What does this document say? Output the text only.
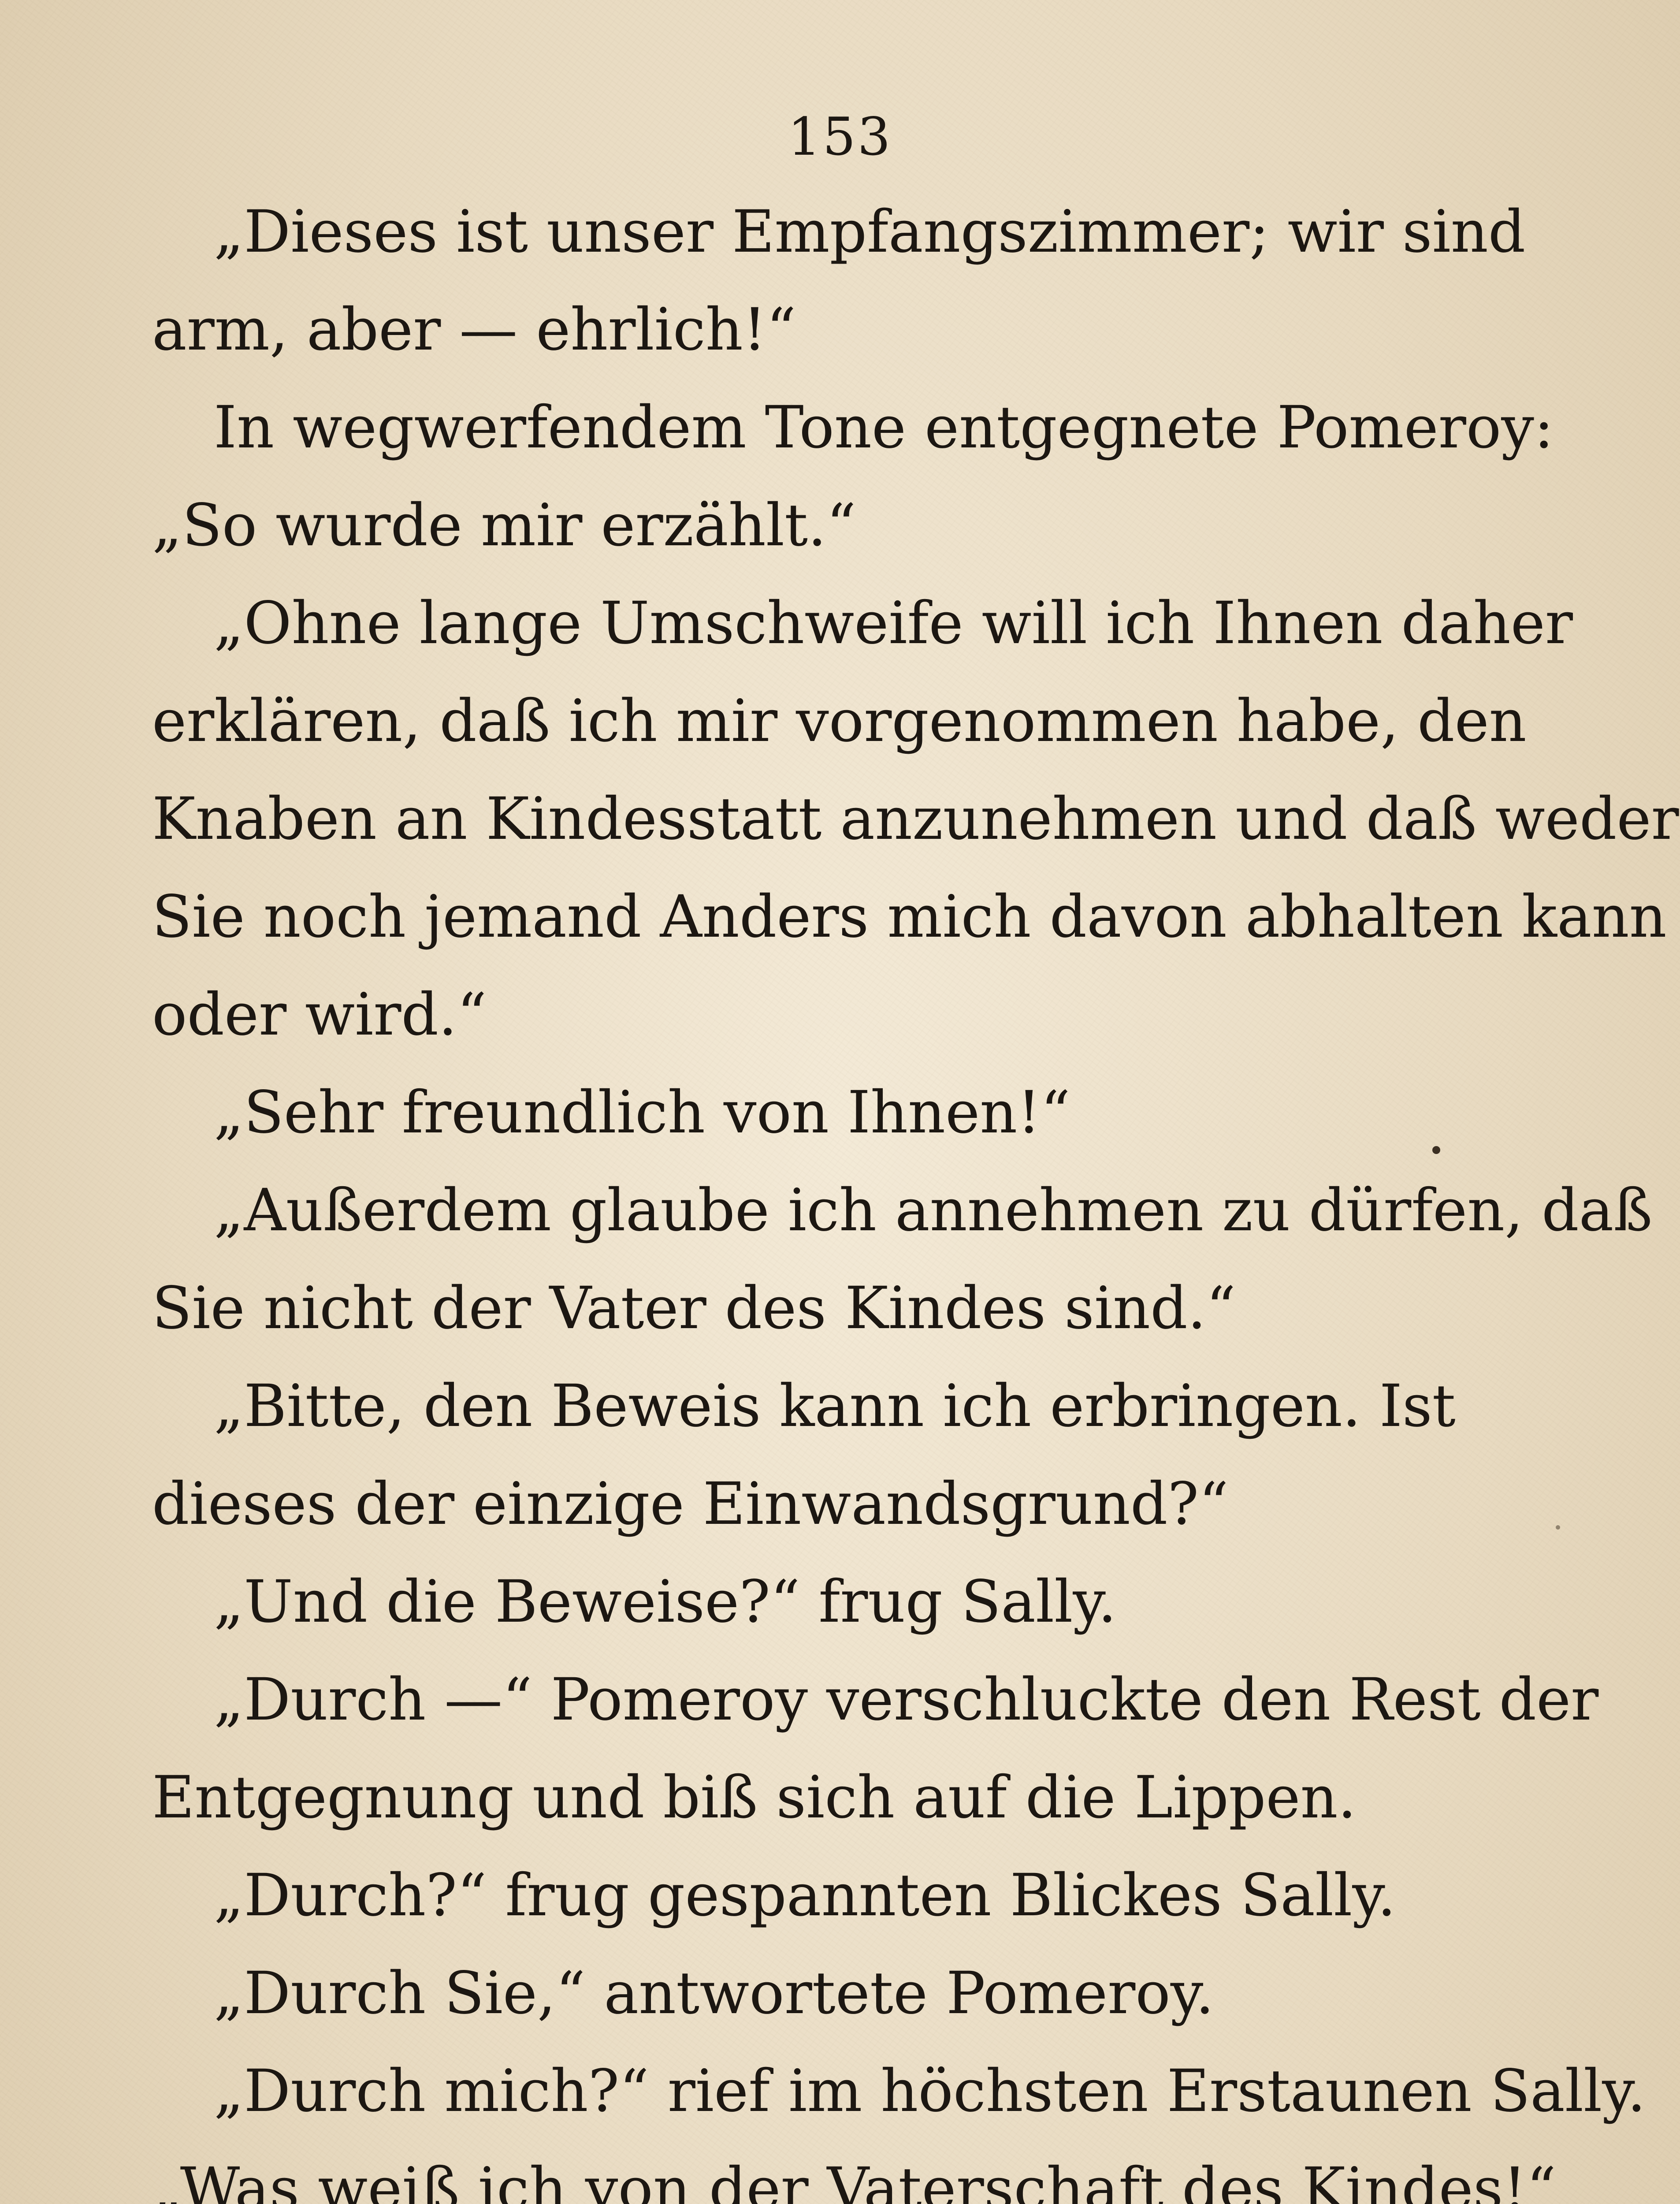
153
„Dieses ist unser Empfangszimmer; wir sind
arm, aber — ehrlich!“
In wegwerfendem Tone entgegnete Pomeroy:
„So wurde mir erzählt.“
„Ohne lange Umschweife will ich Ihnen daher
erklären, daß ich mir vorgenommen habe, den
Knaben an Kindesstatt anzunehmen und daß weder
Sie noch jemand Anders mich davon abhalten kann
oder wird.“
„Sehr freundlich von Ihnen!“
„Außerdem glaube ich annehmen zu dürfen, daß
Sie nicht der Vater des Kindes sind.“
„Bitte, den Beweis kann ich erbringen. Ist
dieses der einzige Einwandsgrund?“
„Und die Beweise?“ frug Sally.
„Durch —“ Pomeroy verschluckte den Rest der
Entgegnung und biß sich auf die Lippen.
„Durch?“ frug gespannten Blickes Sally.
„Durch Sie,“ antwortete Pomeroy.
„Durch mich?“ rief im höchsten Erstaunen Sally.
„Was weiß ich von der Vaterschaft des Kindes!“
